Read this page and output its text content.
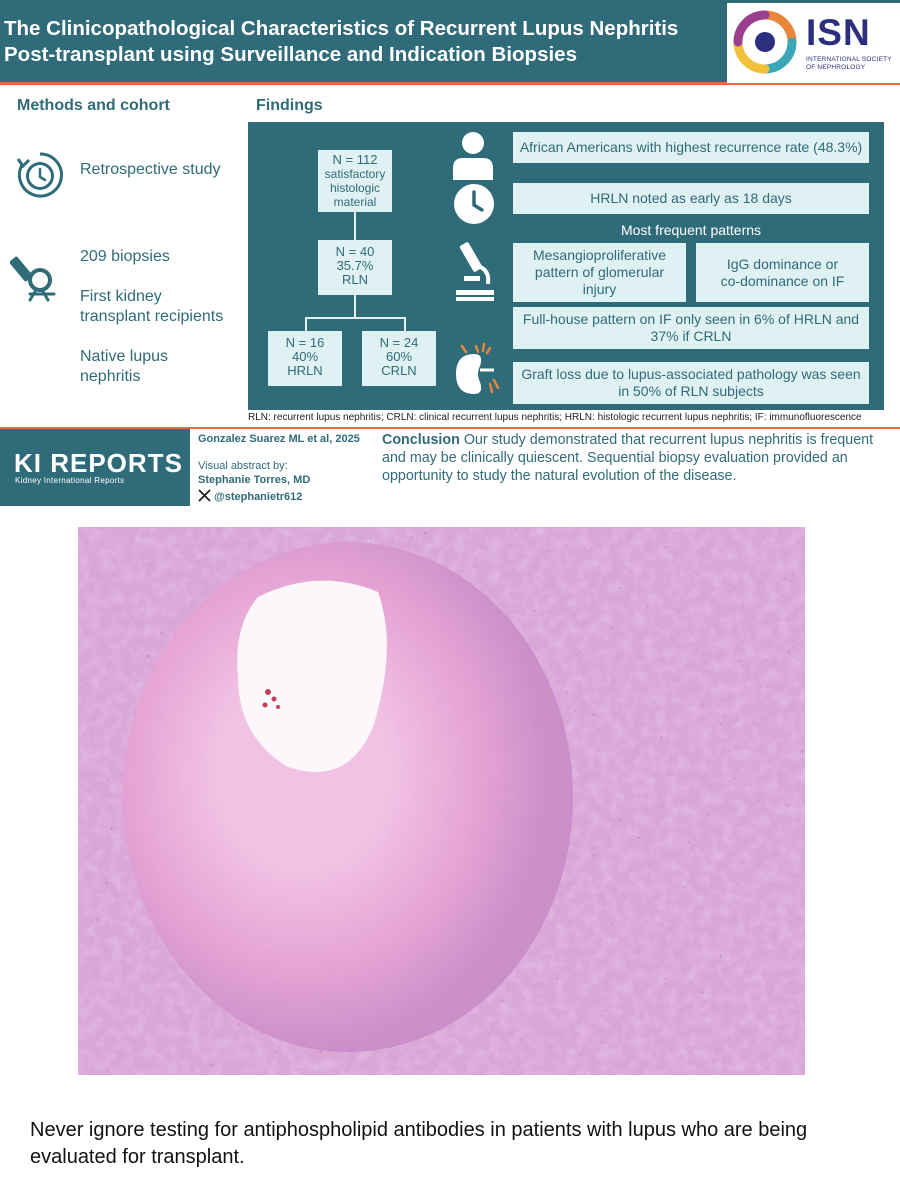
The Clinicopathological Characteristics of Recurrent Lupus Nephritis
Post-transplant using Surveillance and Indication Biopsies
ISN
INTERNATIONAL SOCIETY OF NEPHROLOGY
Methods and cohort	Findings
Retrospective study
209 biopsies
First kidney
transplant recipients
Native lupus
nephritis
N = 112
satisfactory
histologic
material
N = 40
35.7%
RLN
N = 16
40%
HRLN
N = 24
60%
CRLN
African Americans with highest recurrence rate (48.3%)
HRLN noted as early as 18 days
Most frequent patterns
Mesangioproliferative
pattern of glomerular
injury
IgG dominance or
co-dominance on IF
Full-house pattern on IF only seen in 6% of HRLN and
37% if CRLN
Graft loss due to lupus-associated pathology was seen
in 50% of RLN subjects
RLN: recurrent lupus nephritis; CRLN: clinical recurrent lupus nephritis; HRLN: histologic recurrent lupus nephritis; IF: immunofluorescence
KI REPORTS
Kidney International Reports
Gonzalez Suarez ML et al, 2025
Visual abstract by:
Stephanie Torres, MD
@stephanietr612
Conclusion Our study demonstrated that recurrent lupus nephritis is frequent and may be clinically quiescent. Sequential biopsy evaluation provided an opportunity to study the natural evolution of the disease.
Never ignore testing for antiphospholipid antibodies in patients with lupus who are being evaluated for transplant.
